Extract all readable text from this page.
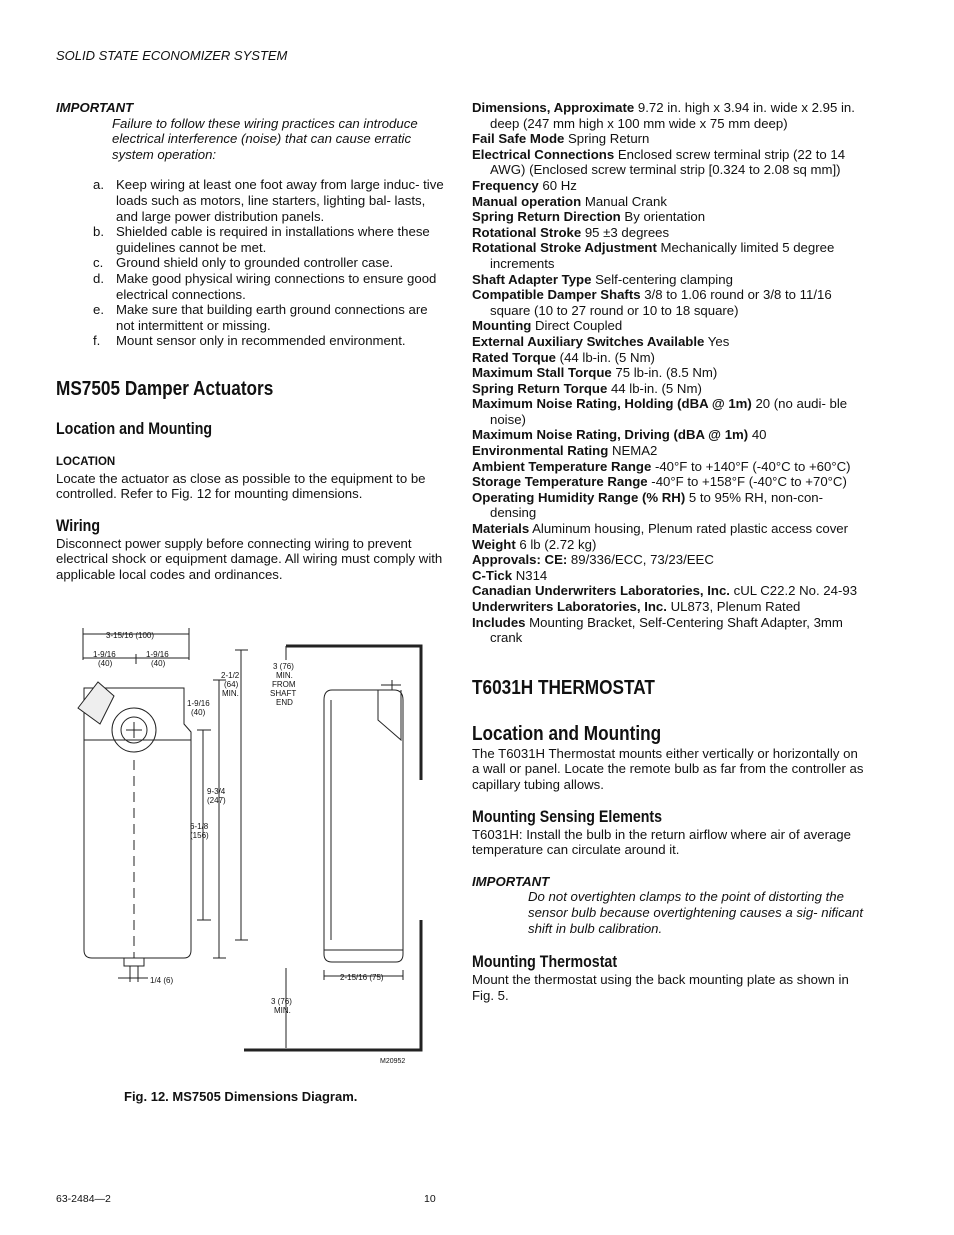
SOLID STATE ECONOMIZER SYSTEM
IMPORTANT
Failure to follow these wiring practices can introduce electrical interference (noise) that can cause erratic system operation:
a. Keep wiring at least one foot away from large induc- tive loads such as motors, line starters, lighting bal- lasts, and large power distribution panels.
b. Shielded cable is required in installations where these guidelines cannot be met.
c. Ground shield only to grounded controller case.
d. Make good physical wiring connections to ensure good electrical connections.
e. Make sure that building earth ground connections are not intermittent or missing.
f. Mount sensor only in recommended environment.
MS7505 Damper Actuators
Location and Mounting
LOCATION

Locate the actuator as close as possible to the equipment to be controlled. Refer to Fig. 12 for mounting dimensions.

Wiring

Disconnect power supply before connecting wiring to prevent electrical shock or equipment damage. All wiring must comply with applicable local codes and ordinances.

3-15/16 (100)
1-9/16
(40)
1-9/16
(40)
2-1/2
(64)
MIN.
1-9/16
(40)
9-3/4
(247)
6-1/8
(156)
1/4 (6)
3 (76)
MIN.
FROM
SHAFT
END
2-15/16 (75)
3 (76)
MIN.
M20952
Fig. 12. MS7505 Dimensions Diagram.

Dimensions, Approximate 9.72 in. high x 3.94 in. wide x 2.95 in. deep (247 mm high x 100 mm wide x 75 mm deep)

Fail Safe Mode Spring Return

Electrical Connections Enclosed screw terminal strip (22 to 14 AWG) (Enclosed screw terminal strip [0.324 to 2.08 sq mm])

Frequency 60 Hz

Manual operation Manual Crank

Spring Return Direction By orientation

Rotational Stroke 95 ±3 degrees

Rotational Stroke Adjustment Mechanically limited 5 degree increments

Shaft Adapter Type Self-centering clamping

Compatible Damper Shafts 3/8 to 1.06 round or 3/8 to 11/16 square (10 to 27 round or 10 to 18 square)

Mounting Direct Coupled

External Auxiliary Switches Available Yes

Rated Torque (44 lb-in. (5 Nm)

Maximum Stall Torque 75 lb-in. (8.5 Nm)

Spring Return Torque 44 lb-in. (5 Nm)

Maximum Noise Rating, Holding (dBA @ 1m) 20 (no audi- ble noise)

Maximum Noise Rating, Driving (dBA @ 1m) 40

Environmental Rating NEMA2

Ambient Temperature Range -40°F to +140°F (-40°C to +60°C)

Storage Temperature Range -40°F to +158°F (-40°C to +70°C)

Operating Humidity Range (% RH) 5 to 95% RH, non-con- densing

Materials Aluminum housing, Plenum rated plastic access cover

Weight 6 lb (2.72 kg)

Approvals: CE: 89/336/ECC, 73/23/EEC

C-Tick N314

Canadian Underwriters Laboratories, Inc. cUL C22.2 No. 24-93

Underwriters Laboratories, Inc. UL873, Plenum Rated

Includes Mounting Bracket, Self-Centering Shaft Adapter, 3mm crank

T6031H THERMOSTAT
Location and Mounting

The T6031H Thermostat mounts either vertically or horizontally on a wall or panel. Locate the remote bulb as far from the controller as capillary tubing allows.

Mounting Sensing Elements

T6031H: Install the bulb in the return airflow where air of average temperature can circulate around it.

IMPORTANT
Do not overtighten clamps to the point of distorting the sensor bulb because overtightening causes a sig- nificant shift in bulb calibration.
Mounting Thermostat

Mount the thermostat using the back mounting plate as shown in Fig. 5.

63-2484—2	10
